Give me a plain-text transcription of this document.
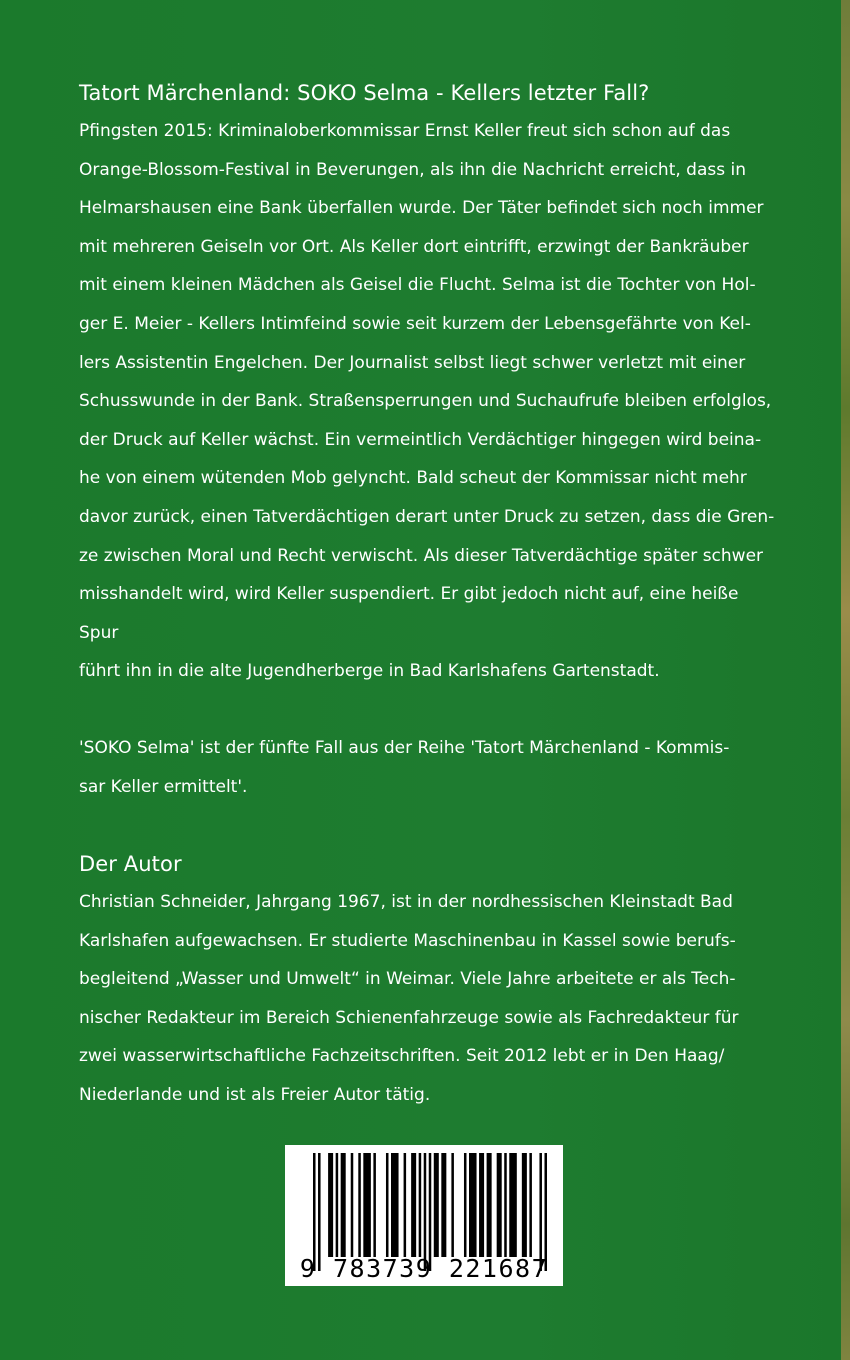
Tatort Märchenland: SOKO Selma - Kellers letzter Fall?

Pfingsten 2015: Kriminaloberkommissar Ernst Keller freut sich schon auf das

Orange-Blossom-Festival in Beverungen, als ihn die Nachricht erreicht, dass in

Helmarshausen eine Bank überfallen wurde. Der Täter befindet sich noch immer

mit mehreren Geiseln vor Ort. Als Keller dort eintrifft, erzwingt der Bankräuber

mit einem kleinen Mädchen als Geisel die Flucht. Selma ist die Tochter von Hol-

ger E. Meier - Kellers Intimfeind sowie seit kurzem der Lebensgefährte von Kel-

lers Assistentin Engelchen. Der Journalist selbst liegt schwer verletzt mit einer

Schusswunde in der Bank. Straßensperrungen und Suchaufrufe bleiben erfolglos,

der Druck auf Keller wächst. Ein vermeintlich Verdächtiger hingegen wird beina-

he von einem wütenden Mob gelyncht. Bald scheut der Kommissar nicht mehr

davor zurück, einen Tatverdächtigen derart unter Druck zu setzen, dass die Gren-

ze zwischen Moral und Recht verwischt. Als dieser Tatverdächtige später schwer

misshandelt wird, wird Keller suspendiert. Er gibt jedoch nicht auf, eine heiße Spur

führt ihn in die alte Jugendherberge in Bad Karlshafens Gartenstadt.

'SOKO Selma' ist der fünfte Fall aus der Reihe 'Tatort Märchenland - Kommis-

sar Keller ermittelt'.

Der Autor

Christian Schneider, Jahrgang 1967, ist in der nordhessischen Kleinstadt Bad

Karlshafen aufgewachsen. Er studierte Maschinenbau in Kassel sowie berufs-

begleitend „Wasser und Umwelt“ in Weimar. Viele Jahre arbeitete er als Tech-

nischer Redakteur im Bereich Schienenfahrzeuge sowie als Fachredakteur für

zwei wasserwirtschaftliche Fachzeitschriften. Seit 2012 lebt er in Den Haag/

Niederlande und ist als Freier Autor tätig.

9 783739 221687
